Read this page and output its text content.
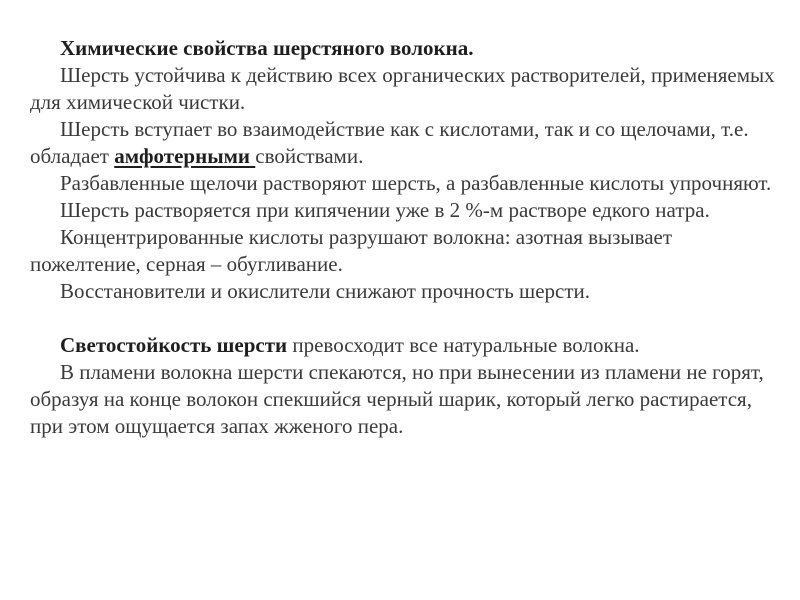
Химические свойства шерстяного волокна.

Шерсть устойчива к действию всех органических растворителей, применяемых для химической чистки.

Шерсть вступает во взаимодействие как с кислотами, так и со щелочами, т.е. обладает амфотерными свойствами.

Разбавленные щелочи растворяют шерсть, а разбавленные кислоты упрочняют.

Шерсть растворяется при кипячении уже в 2 %-м растворе едкого натра.

Концентрированные кислоты разрушают волокна: азотная вызывает пожелтение, серная – обугливание.

Восстановители и окислители снижают прочность шерсти.

Светостойкость шерсти превосходит все натуральные волокна.

В пламени волокна шерсти спекаются, но при вынесении из пламени не горят, образуя на конце волокон спекшийся черный шарик, который легко растирается, при этом ощущается запах жженого пера.
